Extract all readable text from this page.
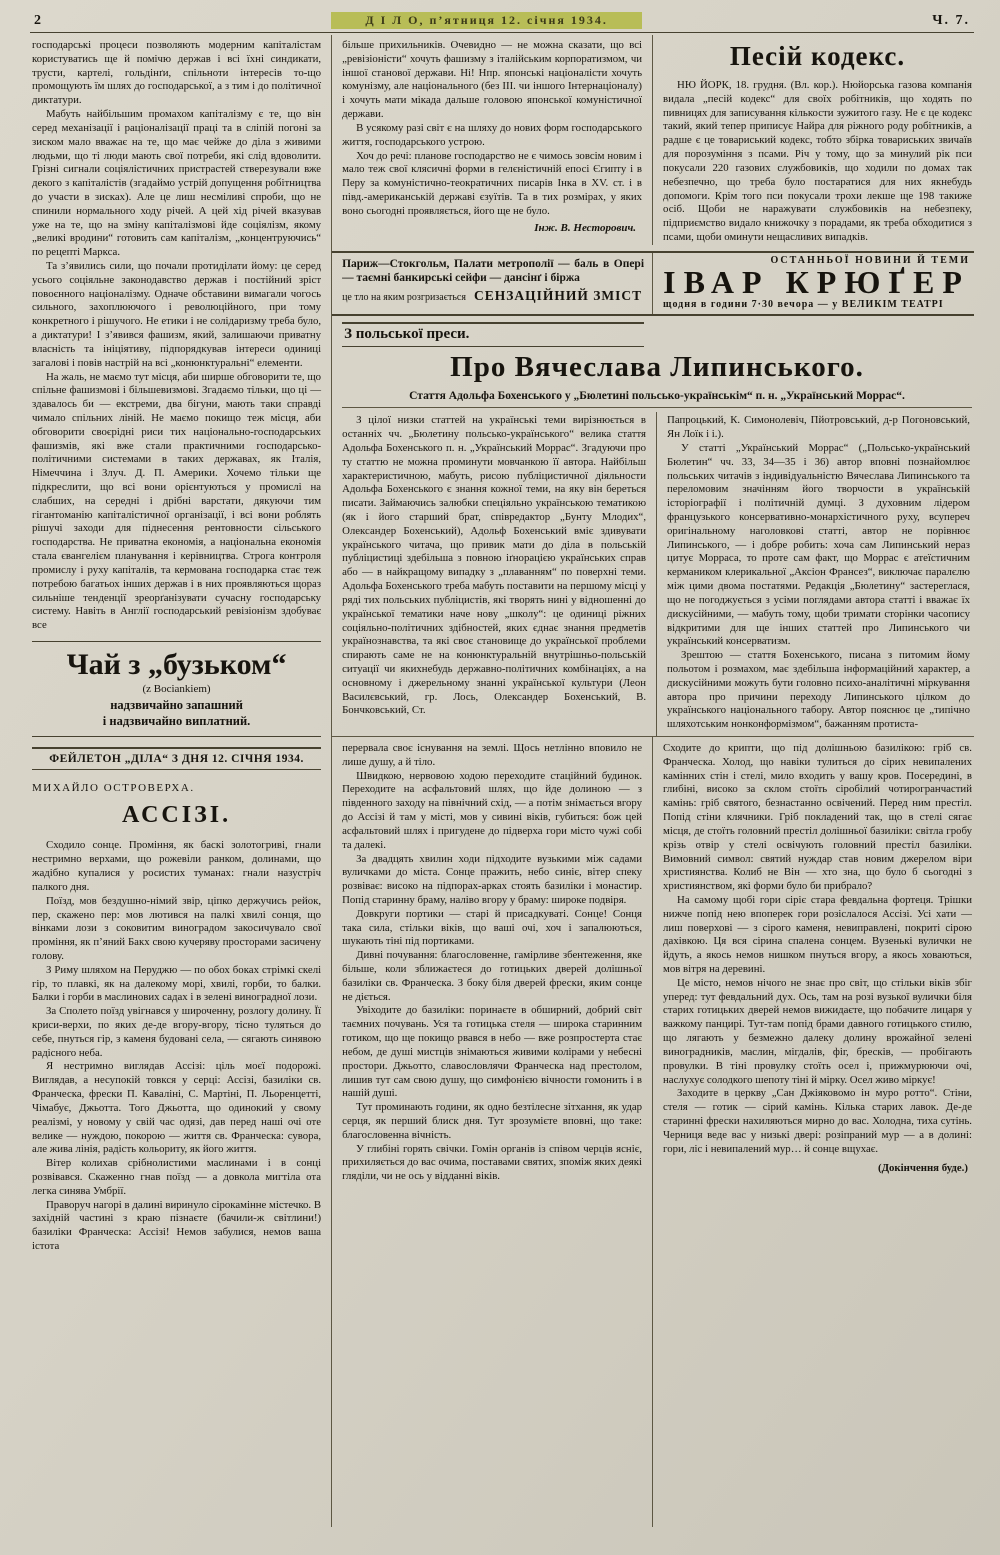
2	Д І Л О, п’ятниця 12. січня 1934.	Ч. 7.

господарські процеси позволяють модерним капіталістам користуватись ще й помічю держав і всі їхні синдикати, трусти, картелі, гольдінґи, спільноти інтересів то-що промощують їм шлях до господарської, а з тим і до політичної диктатури.

Мабуть найбільшим промахом капіталізму є те, що він серед механізації і раціоналізації праці та в сліпій погоні за зиском мало вважає на те, що має чейже до діла з живими людьми, що ті люди мають свої потреби, які слід вдоволити. Грізні сигнали соціялістичних пристрастей стверезували вже декого з капіталістів (згадаймо устрій допущення робітництва до участи в зисках). Але це лиш несміливі спроби, що не спинили нормального ходу річей. А цей хід річей вказував уже на те, що на зміну капіталізмові йде соціялізм, якому „великі вродини“ готовить сам капіталізм, „концентруючись“ по рецепті Маркса.

Та зʼявились сили, що почали протиділати йому: це серед усього соціяльне законодавство держав і постійний зріст повоєнного націоналізму. Одначе обставини вимагали чогось сильного, захоплюючого і революційного, при тому конкретного і рішучого. Не етики і не солідаризму треба було, а диктатури! І зʼявився фашизм, який, залишаючи приватну власність та ініціятиву, підпорядкував інтереси одиниці загалові і повів настрій на всі „конюнктуральні“ елементи.

На жаль, не маємо тут місця, аби ширше обговорити те, що спільне фашизмові і більшевизмові. Згадаємо тільки, що ці — здавалось би — екстреми, два бігуни, мають таки справді чимало спільних ліній. Не маємо покищо теж місця, аби обговорити своєрідні риси тих національно-господарських фашизмів, які вже стали практичними господарсько-політичними системами в таких державах, як Італія, Німеччина і Злуч. Д. П. Америки. Хочемо тільки ще підкреслити, що всі вони орієнтуються у промислі на слабших, на середні і дрібні варстати, дякуючи тим гігантоманію капіталістичної організації, і всі вони роблять рішучі заходи для піднесення рентовности сільського господарства. Не приватна економія, а національна економія стала євангелієм планування і керівництва. Строга контроля промислу і руху капіталів, та кермована господарка стає теж потребою багатьох інших держав і в них проявляються щораз сильніше тенденції зреорґанізувати сучасну господарську систему. Навіть в Англії господарський ревізіонізм здобуває все

Чай з „бузьком“
(z Bociankiem)
надзвичайно запашний
і надзвичайно виплатний.
ФЕЙЛЕТОН „ДІЛА“ З ДНЯ 12. СІЧНЯ 1934.
МИХАЙЛО ОСТРОВЕРХА.
АССІЗІ.

Сходило сонце. Проміння, як баскі золотогриві, гнали нестримно верхами, що рожевіли ранком, долинами, що жадібно купалися у росистих туманах: гнали назустріч палкого дня.

Поїзд, мов бездушно-німий звір, ціпко держучись рейок, пер, скажено пер: мов лютився на палкі хвилі сонця, що вінками лози з соковитим виноградом закосичувало свої проміння, як пʼяний Бакх свою кучеряву просторами засичену голову.

З Риму шляхом на Перуджю — по обох боках стрімкі скелі гір, то плавкі, як на далекому морі, хвилі, горби, то балки. Балки і горби в маслинових садах і в зелені виноградної лози.

За Сполето поїзд увігнався у широченну, розлогу долину. Її криси-верхи, по яких де-де вгору-вгору, тісно туляться до себе, пнуться гір, з каменя будовані села, — сягають синявою радісного неба.

Я нестримно виглядав Ассізі: ціль моєї подорожі. Виглядав, а несупокій товкся у серці: Ассізі, базиліки св. Франческа, фрески П. Каваліні, С. Мартіні, П. Льоренцетті, Чімабує, Джьотта. Того Джьотта, що одинокий у свому реалізмі, у новому у свій час одязі, дав перед наші очі оте велике — нуждою, покорою — життя св. Франческа: сувора, але жива лінія, радість кольориту, як його життя.

Вітер колихав срібнолистими маслинами і в сонці розвівався. Скаженно гнав поїзд — а довкола мигтіла ота легка синява Умбрії.

Праворуч нагорі в далині виринуло сірокамінне містечко. В західній частині з краю пізнаєте (бачили-ж світлини!) базиліки Франческа: Ассізі! Немов забулися, немов ваша істота

більше прихильників. Очевидно — не можна сказати, що всі „ревізіоністи“ хочуть фашизму з італійським корпоратизмом, чи іншої станової держави. Ні! Нпр. японські націоналісти хочуть комунізму, але національного (без ІІІ. чи іншого Інтернаціоналу) і хочуть мати мікада дальше головою японської комуністичної держави.

В усякому разі світ є на шляху до нових форм господарського життя, господарського устрою.

Хоч до речі: планове господарство не є чимось зовсім новим і мало теж свої клясичні форми в гелєністичній епосі Єгипту і в Перу за комуністично-теократичних писарів Інка в XV. ст. і в півд.-американській державі єзуїтів. Та в тих розмірах, у яких воно сьогодні проявляється, його ще не було.

Інж. В. Несторович.
Песій кодекс.

НЮ ЙОРК, 18. грудня. (Вл. кор.). Нюйорська газова компанія видала „песій кодекс“ для своїх робітників, що ходять по пивницях для записування кількости зужитого газу. Не є це кодекс такий, який тепер приписує Найра для ріжного роду робітників, а радше є це товариський кодекс, тобто збірка товариських звичаїв для порозуміння з псами. Річ у тому, що за минулий рік пси покусали 220 газових службовиків, що ходили по домах так небезпечно, що треба було постаратися для них якнебудь допомоги. Крім того пси покусали трохи лекше ще 198 такиже осіб. Щоби не наражувати службовиків на небезпеку, підприємство видало книжочку з порадами, як треба обходитися з псами, щоби оминути нещасливих випадків.

Париж—Стокгольм, Палати метрополії — баль в Опері — таємні банкирські сейфи — дансінґ і біржа
це тло на яким розгризається СЕНЗАЦІЙНИЙ ЗМІСТ
ОСТАННЬОЇ НОВИНИ Й ТЕМИ
ІВАР КРЮҐЕР
щодня в години 7·30 вечора — у ВЕЛИКІМ ТЕАТРІ
З польської преси.
Про Вячеслава Липинського.
Стаття Адольфа Бохенського у „Бюлетині польсько-українськім“ п. н. „Український Моррас“.

З цілої низки статтей на українські теми вирізнюється в останніх чч. „Бюлетину польсько-українського“ велика стаття Адольфа Бохенського п. н. „Український Моррас“. Згадуючи про ту статтю не можна проминути мовчанкою її автора. Найбільш характеристичною, мабуть, рисою публіцистичної діяльности Адольфа Бохенського є знання кожної теми, на яку він береться писати. Займаючись залюбки спеціяльно українською тематикою (як і його старший брат, співредактор „Бунту Млодих“, Олександер Бохенський), Адольф Бохенський вміє здивувати українського читача, що привик мати до діла в польській публіцистиці здебільша з повною іґнорацією українських справ або — в найкращому випадку з „плаванням“ по поверхні теми. Адольфа Бохенського треба мабуть поставити на першому місці у ряді тих польських публіцистів, які творять нині у відношенні до української тематики наче нову „школу“: це одиниці ріжних соціяльно-політичних здібностей, яких єднає знання предметів українознавства, та які своє становище до української проблеми спирають саме не на конюнктуральній внутрішньо-польській ситуації чи якихнебудь державно-політичних комбінаціях, а на основному і джерельному знанні української культури (Леон Василєвський, гр. Лось, Олександер Бохенський, В. Бончковський, Ст.

Папроцький, К. Симонолевіч, Пйотровський, д-р Погоновський, Ян Лоїк і і.).

У статті „Український Моррас“ („Польсько-український Бюлетин“ чч. 33, 34—35 і 36) автор вповні познайомлює польських читачів з індивідуальністю Вячеслава Липинського та переломовим значінням його творчости в українській історіографії і політичній думці. З духовним лідером французького консервативно-монархістичного руху, всупереч оригінальному наголовкові статті, автор не порівнює Липинського, — і добре робить: хоча сам Липинський нераз цитує Морраса, то проте сам факт, що Моррас є атеїстичним кермаником клерикальної „Аксіон Франсез“, виключає паралєлю між цими двома постатями. Редакція „Бюлетину“ застереглася, що не погоджується з усіми поглядами автора статті і вважає їх дискусійними, — мабуть тому, щоби тримати сторінки часопису відкритими для ще інших статтей про Липинського чи український консерватизм.

Зрештою — стаття Бохенського, писана з питомим йому польотом і розмахом, має здебільша інформаційний характер, а дискусійними можуть бути головно психо-аналітичні міркування автора про причини переходу Липинського цілком до українського національного табору. Автор пояснює це „типічно шляхотським нонконформізмом“, бажанням протиста-

перервала своє існування на землі. Щось нетлінно вповило не лише душу, а й тіло.

Швидкою, нервовою ходою переходите стаційний будинок. Переходите на асфальтовий шлях, що йде долиною — з південного заходу на північний схід, — а потім знімається вгору до Ассізі й там у місті, мов у сивині віків, губиться: бож цей асфальтовий шлях і пригудене до підверха гори місто чужі собі та далекі.

За двадцять хвилин ходи підходите вузькими між садами вуличками до міста. Сонце пражить, небо синіє, вітер спеку розвіває: високо на підпорах-арках стоять базиліки і монастир. Попід старинну браму, наліво вгору у браму: широке подвіря.

Довкруги портики — старі й присадкуваті. Сонце! Сонця така сила, стільки віків, що ваші очі, хоч і запалюються, шукають тіні під портиками.

Дивні почування: благословенне, гамірливе збентеження, яке більше, коли зближаєтеся до готицьких дверей долішньої базиліки св. Франческа. З боку біля дверей фрески, яким сонце не діється.

Увіходите до базиліки: поринаєте в обширний, добрий світ таємних почувань. Уся та готицька стеля — широка старинним готиком, що ще покищо рвався в небо — вже розпростерта стає небом, де душі мистців знімаються живими колірами у небесні простори. Джьотто, славословлячи Франческа над престолом, лишив тут сам свою душу, що симфонією вічности гомонить і в нашій душі.

Тут проминають години, як одно безтілесне зітхання, як удар серця, як перший блиск дня. Тут зрозумієте вповні, що таке: благословенна вічність.

У глибіні горять свічки. Гомін органів із співом черців ясніє, прихиляється до вас очима, поставами святих, зпоміж яких деякі гляділи, чи не ось у відданні віків.

Сходите до крипти, що під долішньою базилікою: гріб св. Франческа. Холод, що навіки тулиться до сірих невипалених камінних стін і стелі, мило входить у вашу кров. Посередині, в глибіні, високо за склом стоїть сіробілий чотирогранчастий камінь: гріб святого, безнастанно освічений. Перед ним престіл. Попід стіни клячники. Гріб покладений так, що в стелі сягає місця, де стоїть головний престіл долішньої базиліки: світла гробу крізь отвір у стелі освічують головний престіл базиліки. Вимовний символ: святий нуждар став новим джерелом віри християнства. Колиб не Він — хто зна, що було б сьогодні з християнством, які форми було би прибрало?

На самому щобі гори сіріє стара февдальна фортеця. Трішки нижче попід нею впоперек гори розіслалося Ассізі. Усі хати — лиш поверхові — з сірого каменя, невиправлені, покриті сірою дахівкою. Ця вся сірина спалена сонцем. Вузенькі вулички не йдуть, а якось немов нишком пнуться вгору, а якось ховаються, мов вітря на деревині.

Це місто, немов нічого не знає про світ, що стільки віків збіг уперед: тут февдальний дух. Ось, там на розі вузької вулички біля старих готицьких дверей немов вижидаєте, що побачите лицаря у важкому панцирі. Тут-там попід брами давного готицького стилю, що лягають у безмежно далеку долину врожайної зелені виноградників, маслин, мігдалів, фіг, бресків, — пробігають провулки. В тіні провулку стоїть осел і, прижмурюючи очі, наслухує солодкого шепоту тіні й мірку. Осел живо міркує!

Заходите в церкву „Сан Джіяковомо ін муро ротто“. Стіни, стеля — готик — сірий камінь. Кілька старих лавок. Де-де старинні фрески нахиляються мирно до вас. Холодна, тиха сутінь. Черниця веде вас у низькі двері: розіпраний мур — а в долині: гори, ліс і невипалений мур… й сонце вщухає.

(Докінчення буде.)
